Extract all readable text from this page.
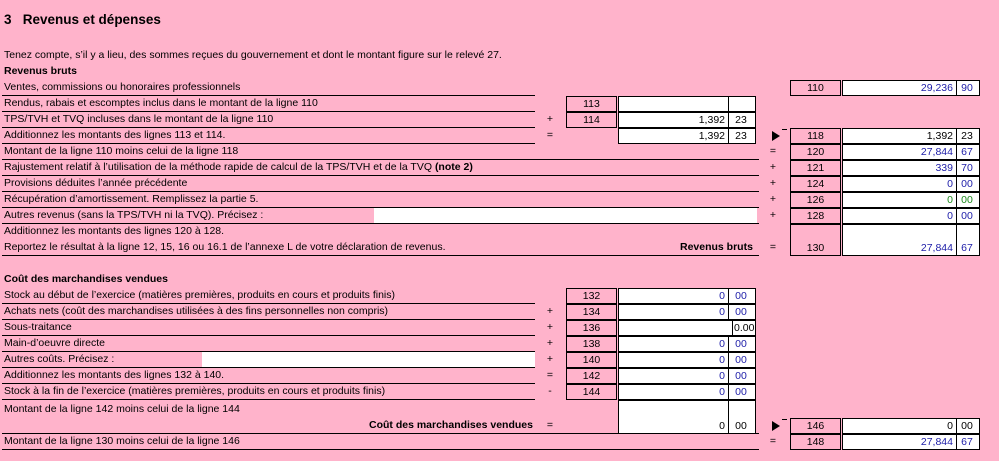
3 Revenus et dépenses
Tenez compte, s’il y a lieu, des sommes reçues du gouvernement et dont le montant figure sur le relevé 27.
Revenus bruts
Ventes, commissions ou honoraires professionnels	110	29,236 90
Rendus, rabais et escomptes inclus dans le montant de la ligne 110	113
TPS/TVH et TVQ incluses dans le montant de la ligne 110	+	114	1,392 23
Additionnez les montants des lignes 113 et 114.	=	1,392 23	118	1,392 23
Montant de la ligne 110 moins celui de la ligne 118	=	120	27,844 67
Rajustement relatif à l’utilisation de la méthode rapide de calcul de la TPS/TVH et de la TVQ (note 2)	+	121	339 70
Provisions déduites l’année précédente	+	124	0 00
Récupération d’amortissement. Remplissez la partie 5.	+	126	0 00
Autres revenus (sans la TPS/TVH ni la TVQ). Précisez :	+	128	0 00
Additionnez les montants des lignes 120 à 128.
Reportez le résultat à la ligne 12, 15, 16 ou 16.1 de l’annexe L de votre déclaration de revenus.	Revenus bruts	=	130	27,844 67
Coût des marchandises vendues
Stock au début de l’exercice (matières premières, produits en cours et produits finis)	132	0 00
Achats nets (coût des marchandises utilisées à des fins personnelles non compris)	+	134	0 00
Sous-traitance	+	136	0.00
Main-d’oeuvre directe	+	138	0 00
Autres coûts. Précisez :	+	140	0 00
Additionnez les montants des lignes 132 à 140.	=	142	0 00
Stock à la fin de l’exercice (matières premières, produits en cours et produits finis)	-	144	0 00
Montant de la ligne 142 moins celui de la ligne 144
Coût des marchandises vendues	=	0 00	146	0 00
Montant de la ligne 130 moins celui de la ligne 146	=	148	27,844 67
